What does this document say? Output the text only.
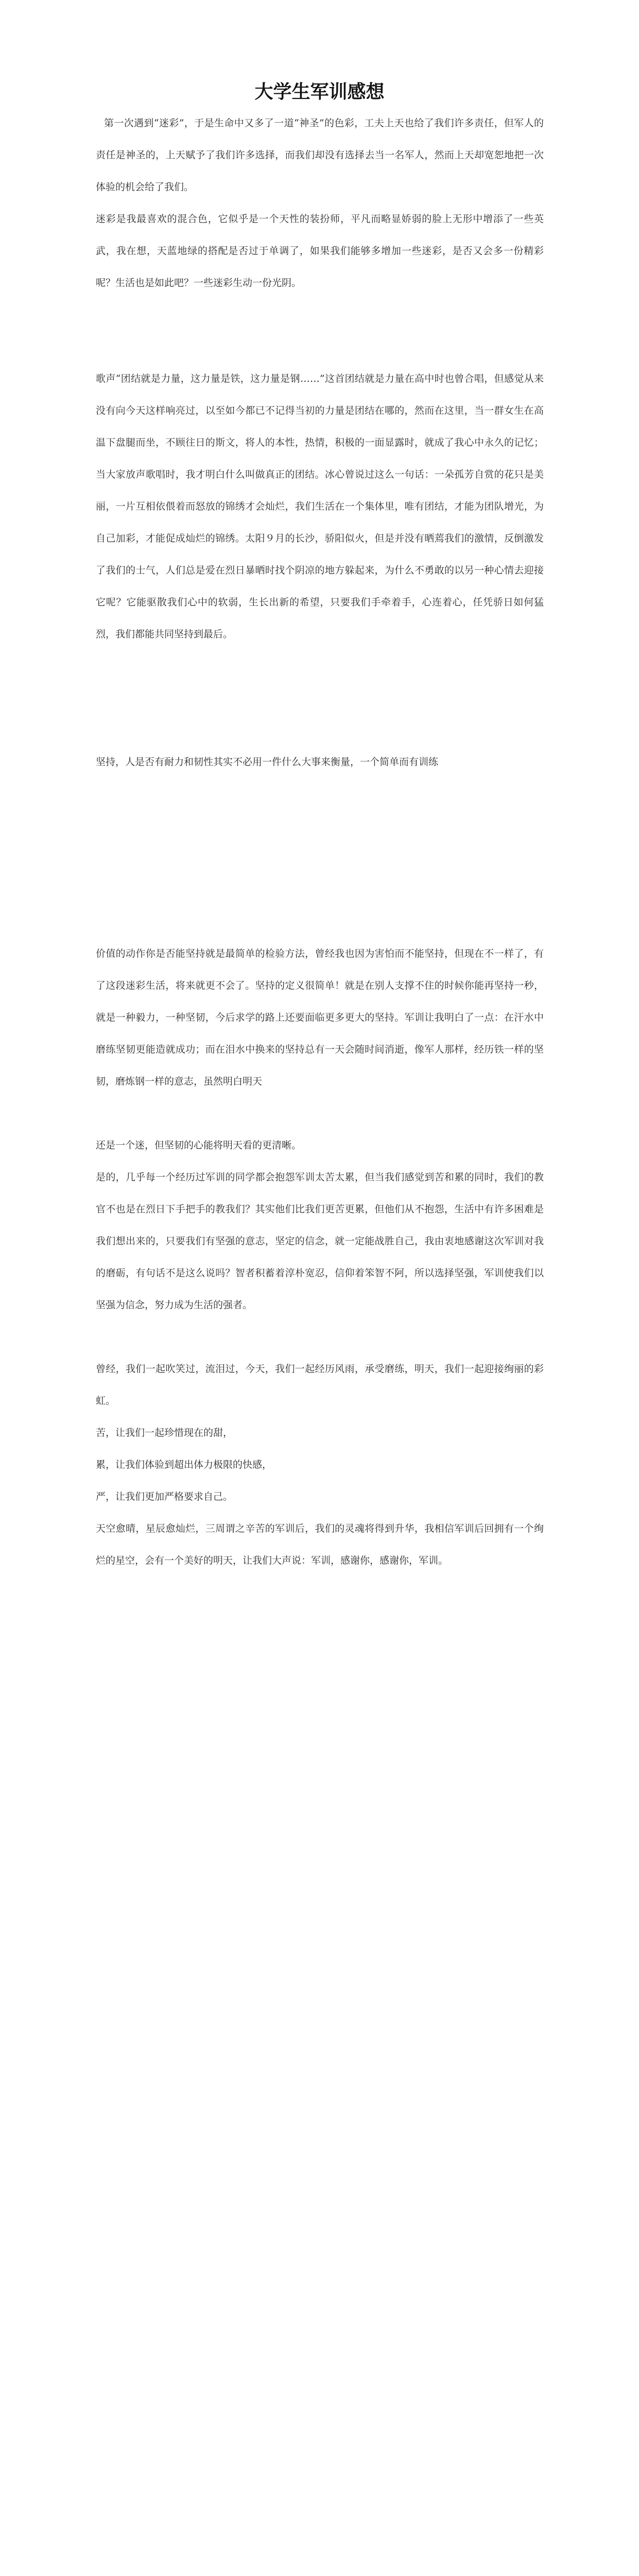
大学生军训感想

第一次遇到“迷彩”，于是生命中又多了一道“神圣”的色彩，工夫上天也给了我们许多责任，但军人的责任是神圣的，上天赋予了我们许多选择，而我们却没有选择去当一名军人，然而上天却宽恕地把一次体验的机会给了我们。

迷彩是我最喜欢的混合色，它似乎是一个天性的装扮师，平凡而略显娇弱的脸上无形中增添了一些英武，我在想，天蓝地绿的搭配是否过于单调了，如果我们能够多增加一些迷彩，是否又会多一份精彩呢？生活也是如此吧？一些迷彩生动一份光阴。

歌声“团结就是力量，这力量是铁，这力量是钢……”这首团结就是力量在高中时也曾合唱，但感觉从来没有向今天这样响亮过，以至如今都已不记得当初的力量是团结在哪的，然而在这里，当一群女生在高温下盘腿而坐，不顾往日的斯文，将人的本性，热情，积极的一面显露时，就成了我心中永久的记忆；当大家放声歌唱时，我才明白什么叫做真正的团结。冰心曾说过这么一句话：一朵孤芳自赏的花只是美丽，一片互相依偎着而怒放的锦绣才会灿烂，我们生活在一个集体里，唯有团结，才能为团队增光，为自己加彩，才能促成灿烂的锦绣。太阳９月的长沙，骄阳似火，但是并没有晒蔫我们的激情，反倒激发了我们的士气，人们总是爱在烈日暴晒时找个阴凉的地方躲起来，为什么不勇敢的以另一种心情去迎接它呢？它能驱散我们心中的软弱，生长出新的希望，只要我们手牵着手，心连着心，任凭骄日如何猛烈，我们都能共同坚持到最后。

坚持，人是否有耐力和韧性其实不必用一件什么大事来衡量，一个简单而有训练

价值的动作你是否能坚持就是最简单的检验方法，曾经我也因为害怕而不能坚持，但现在不一样了，有了这段迷彩生活，将来就更不会了。坚持的定义很简单！就是在别人支撑不住的时候你能再坚持一秒，就是一种毅力，一种坚韧，今后求学的路上还要面临更多更大的坚持。军训让我明白了一点：在汗水中磨练坚韧更能造就成功；而在泪水中换来的坚持总有一天会随时间消逝，像军人那样，经历铁一样的坚韧，磨炼钢一样的意志，虽然明白明天

还是一个迷，但坚韧的心能将明天看的更清晰。

是的，几乎每一个经历过军训的同学都会抱怨军训太苦太累，但当我们感觉到苦和累的同时，我们的教官不也是在烈日下手把手的教我们？其实他们比我们更苦更累，但他们从不抱怨，生活中有许多困难是我们想出来的，只要我们有坚强的意志，坚定的信念，就一定能战胜自己，我由衷地感谢这次军训对我的磨砺，有句话不是这么说吗？智者积蓄着淳朴宽忍，信仰着笨智不阿，所以选择坚强，军训使我们以坚强为信念，努力成为生活的强者。

曾经，我们一起吹笑过，流泪过，今天，我们一起经历风雨，承受磨练，明天，我们一起迎接绚丽的彩虹。

苦，让我们一起珍惜现在的甜，

累，让我们体验到超出体力极限的快感，

严，让我们更加严格要求自己。

天空愈晴，星辰愈灿烂，三周谓之辛苦的军训后，我们的灵魂将得到升华，我相信军训后回拥有一个绚烂的星空，会有一个美好的明天，让我们大声说：军训，感谢你，感谢你，军训。
